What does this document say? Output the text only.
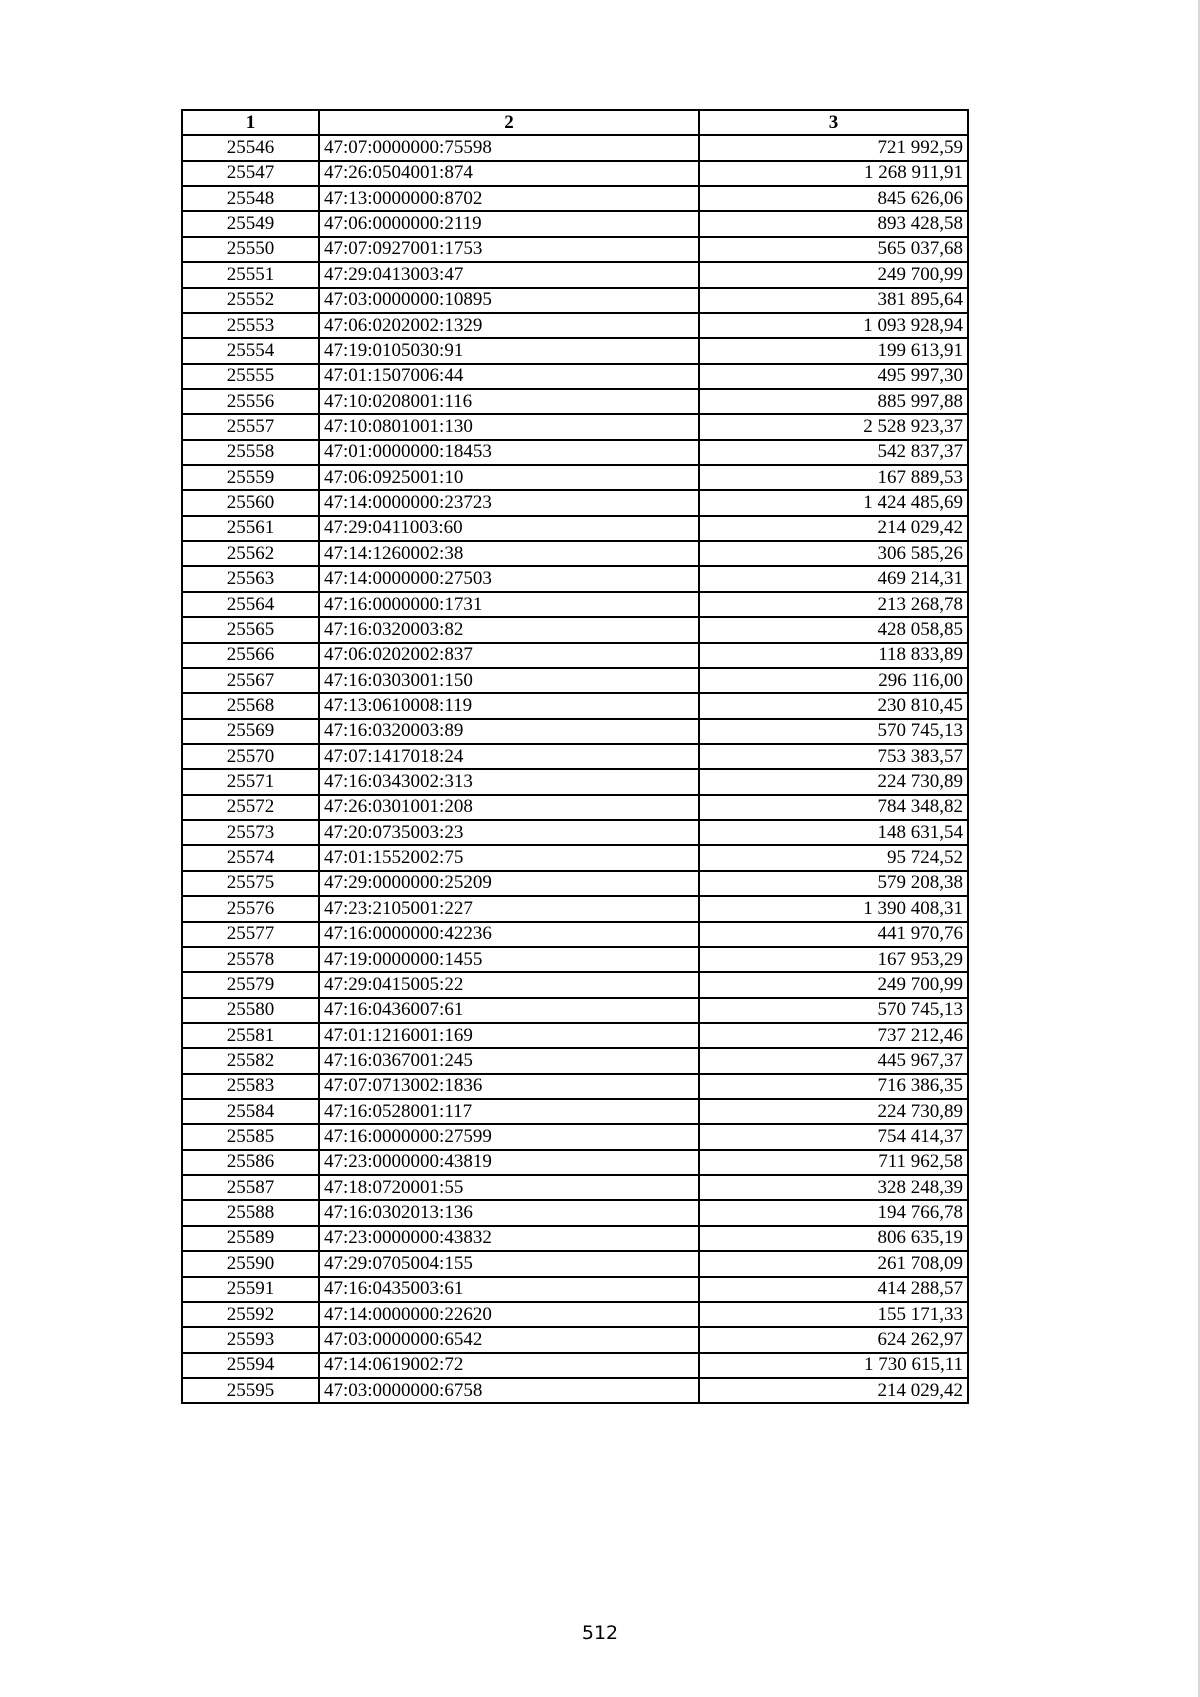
1	2	3
25546	47:07:0000000:75598	721 992,59
25547	47:26:0504001:874	1 268 911,91
25548	47:13:0000000:8702	845 626,06
25549	47:06:0000000:2119	893 428,58
25550	47:07:0927001:1753	565 037,68
25551	47:29:0413003:47	249 700,99
25552	47:03:0000000:10895	381 895,64
25553	47:06:0202002:1329	1 093 928,94
25554	47:19:0105030:91	199 613,91
25555	47:01:1507006:44	495 997,30
25556	47:10:0208001:116	885 997,88
25557	47:10:0801001:130	2 528 923,37
25558	47:01:0000000:18453	542 837,37
25559	47:06:0925001:10	167 889,53
25560	47:14:0000000:23723	1 424 485,69
25561	47:29:0411003:60	214 029,42
25562	47:14:1260002:38	306 585,26
25563	47:14:0000000:27503	469 214,31
25564	47:16:0000000:1731	213 268,78
25565	47:16:0320003:82	428 058,85
25566	47:06:0202002:837	118 833,89
25567	47:16:0303001:150	296 116,00
25568	47:13:0610008:119	230 810,45
25569	47:16:0320003:89	570 745,13
25570	47:07:1417018:24	753 383,57
25571	47:16:0343002:313	224 730,89
25572	47:26:0301001:208	784 348,82
25573	47:20:0735003:23	148 631,54
25574	47:01:1552002:75	95 724,52
25575	47:29:0000000:25209	579 208,38
25576	47:23:2105001:227	1 390 408,31
25577	47:16:0000000:42236	441 970,76
25578	47:19:0000000:1455	167 953,29
25579	47:29:0415005:22	249 700,99
25580	47:16:0436007:61	570 745,13
25581	47:01:1216001:169	737 212,46
25582	47:16:0367001:245	445 967,37
25583	47:07:0713002:1836	716 386,35
25584	47:16:0528001:117	224 730,89
25585	47:16:0000000:27599	754 414,37
25586	47:23:0000000:43819	711 962,58
25587	47:18:0720001:55	328 248,39
25588	47:16:0302013:136	194 766,78
25589	47:23:0000000:43832	806 635,19
25590	47:29:0705004:155	261 708,09
25591	47:16:0435003:61	414 288,57
25592	47:14:0000000:22620	155 171,33
25593	47:03:0000000:6542	624 262,97
25594	47:14:0619002:72	1 730 615,11
25595	47:03:0000000:6758	214 029,42
512
